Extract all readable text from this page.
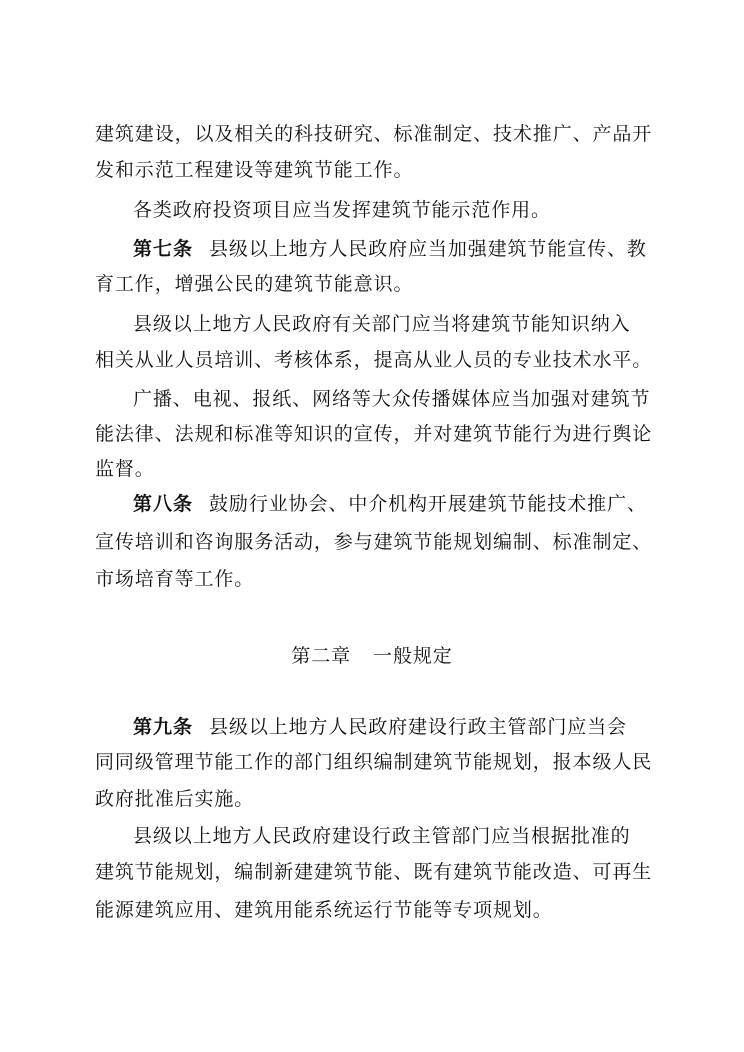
建筑建设，以及相关的科技研究、标准制定、技术推广、产品开
发和示范工程建设等建筑节能工作。
各类政府投资项目应当发挥建筑节能示范作用。
第七条 县级以上地方人民政府应当加强建筑节能宣传、教
育工作，增强公民的建筑节能意识。
县级以上地方人民政府有关部门应当将建筑节能知识纳入
相关从业人员培训、考核体系，提高从业人员的专业技术水平。
广播、电视、报纸、网络等大众传播媒体应当加强对建筑节
能法律、法规和标准等知识的宣传，并对建筑节能行为进行舆论
监督。
第八条 鼓励行业协会、中介机构开展建筑节能技术推广、
宣传培训和咨询服务活动，参与建筑节能规划编制、标准制定、
市场培育等工作。
第二章 一般规定
第九条 县级以上地方人民政府建设行政主管部门应当会
同同级管理节能工作的部门组织编制建筑节能规划，报本级人民
政府批准后实施。
县级以上地方人民政府建设行政主管部门应当根据批准的
建筑节能规划，编制新建建筑节能、既有建筑节能改造、可再生
能源建筑应用、建筑用能系统运行节能等专项规划。
